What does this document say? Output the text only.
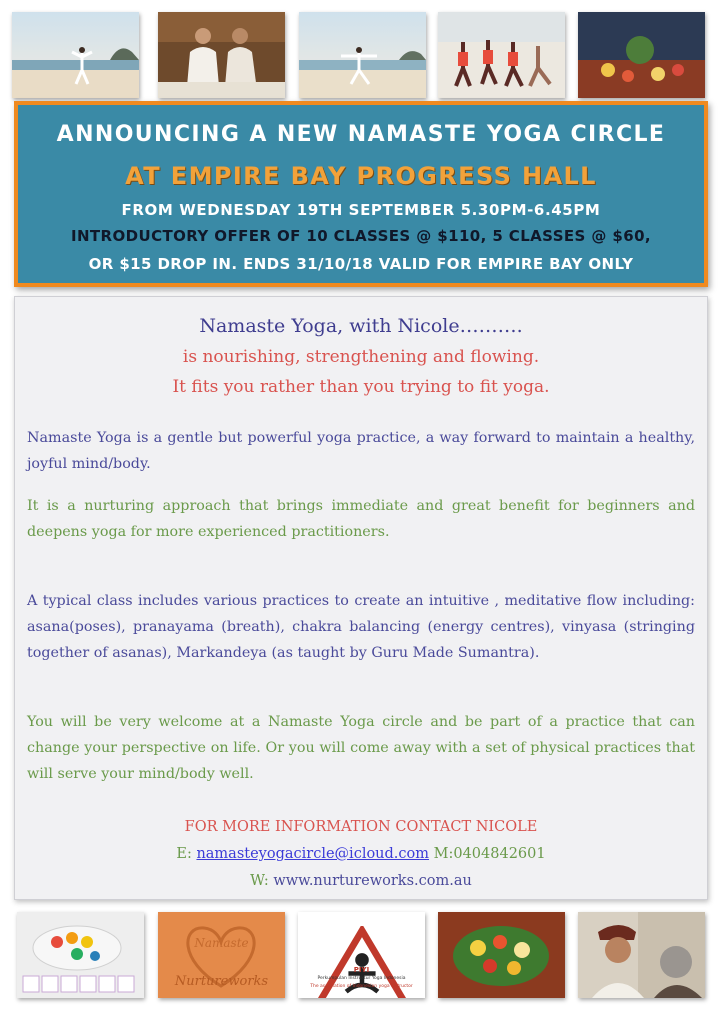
ANNOUNCING A NEW NAMASTE YOGA CIRCLE
AT EMPIRE BAY PROGRESS HALL
FROM WEDNESDAY 19TH SEPTEMBER 5.30PM-6.45PM
INTRODUCTORY OFFER OF 10 CLASSES @ $110, 5 CLASSES @ $60,
OR $15 DROP IN. ENDS 31/10/18 VALID FOR EMPIRE BAY ONLY
Namaste Yoga, with Nicole……….
is nourishing, strengthening and flowing.
It fits you rather than you trying to fit yoga.
Namaste Yoga is a gentle but powerful yoga practice, a way forward to maintain a healthy, joyful mind/body.
It is a nurturing approach that brings immediate and great benefit for beginners and deepens yoga for more experienced practitioners.
A typical class includes various practices to create an intuitive , meditative flow including: asana(poses), pranayama (breath), chakra balancing (energy centres), vinyasa (stringing together of asanas), Markandeya (as taught by Guru Made Sumantra).
You will be very welcome at a Namaste Yoga circle and be part of a practice that can change your perspective on life. Or you will come away with a set of physical practices that will serve your mind/body well.
FOR MORE INFORMATION CONTACT NICOLE
E: namasteyogacircle@icloud.com M:0404842601
W: www.nurtureworks.com.au
Namaste
Nurtureworks
PIYI
Perkumpulan Instruktur Yoga Indonesia
The association of Indonesian yoga instructor
